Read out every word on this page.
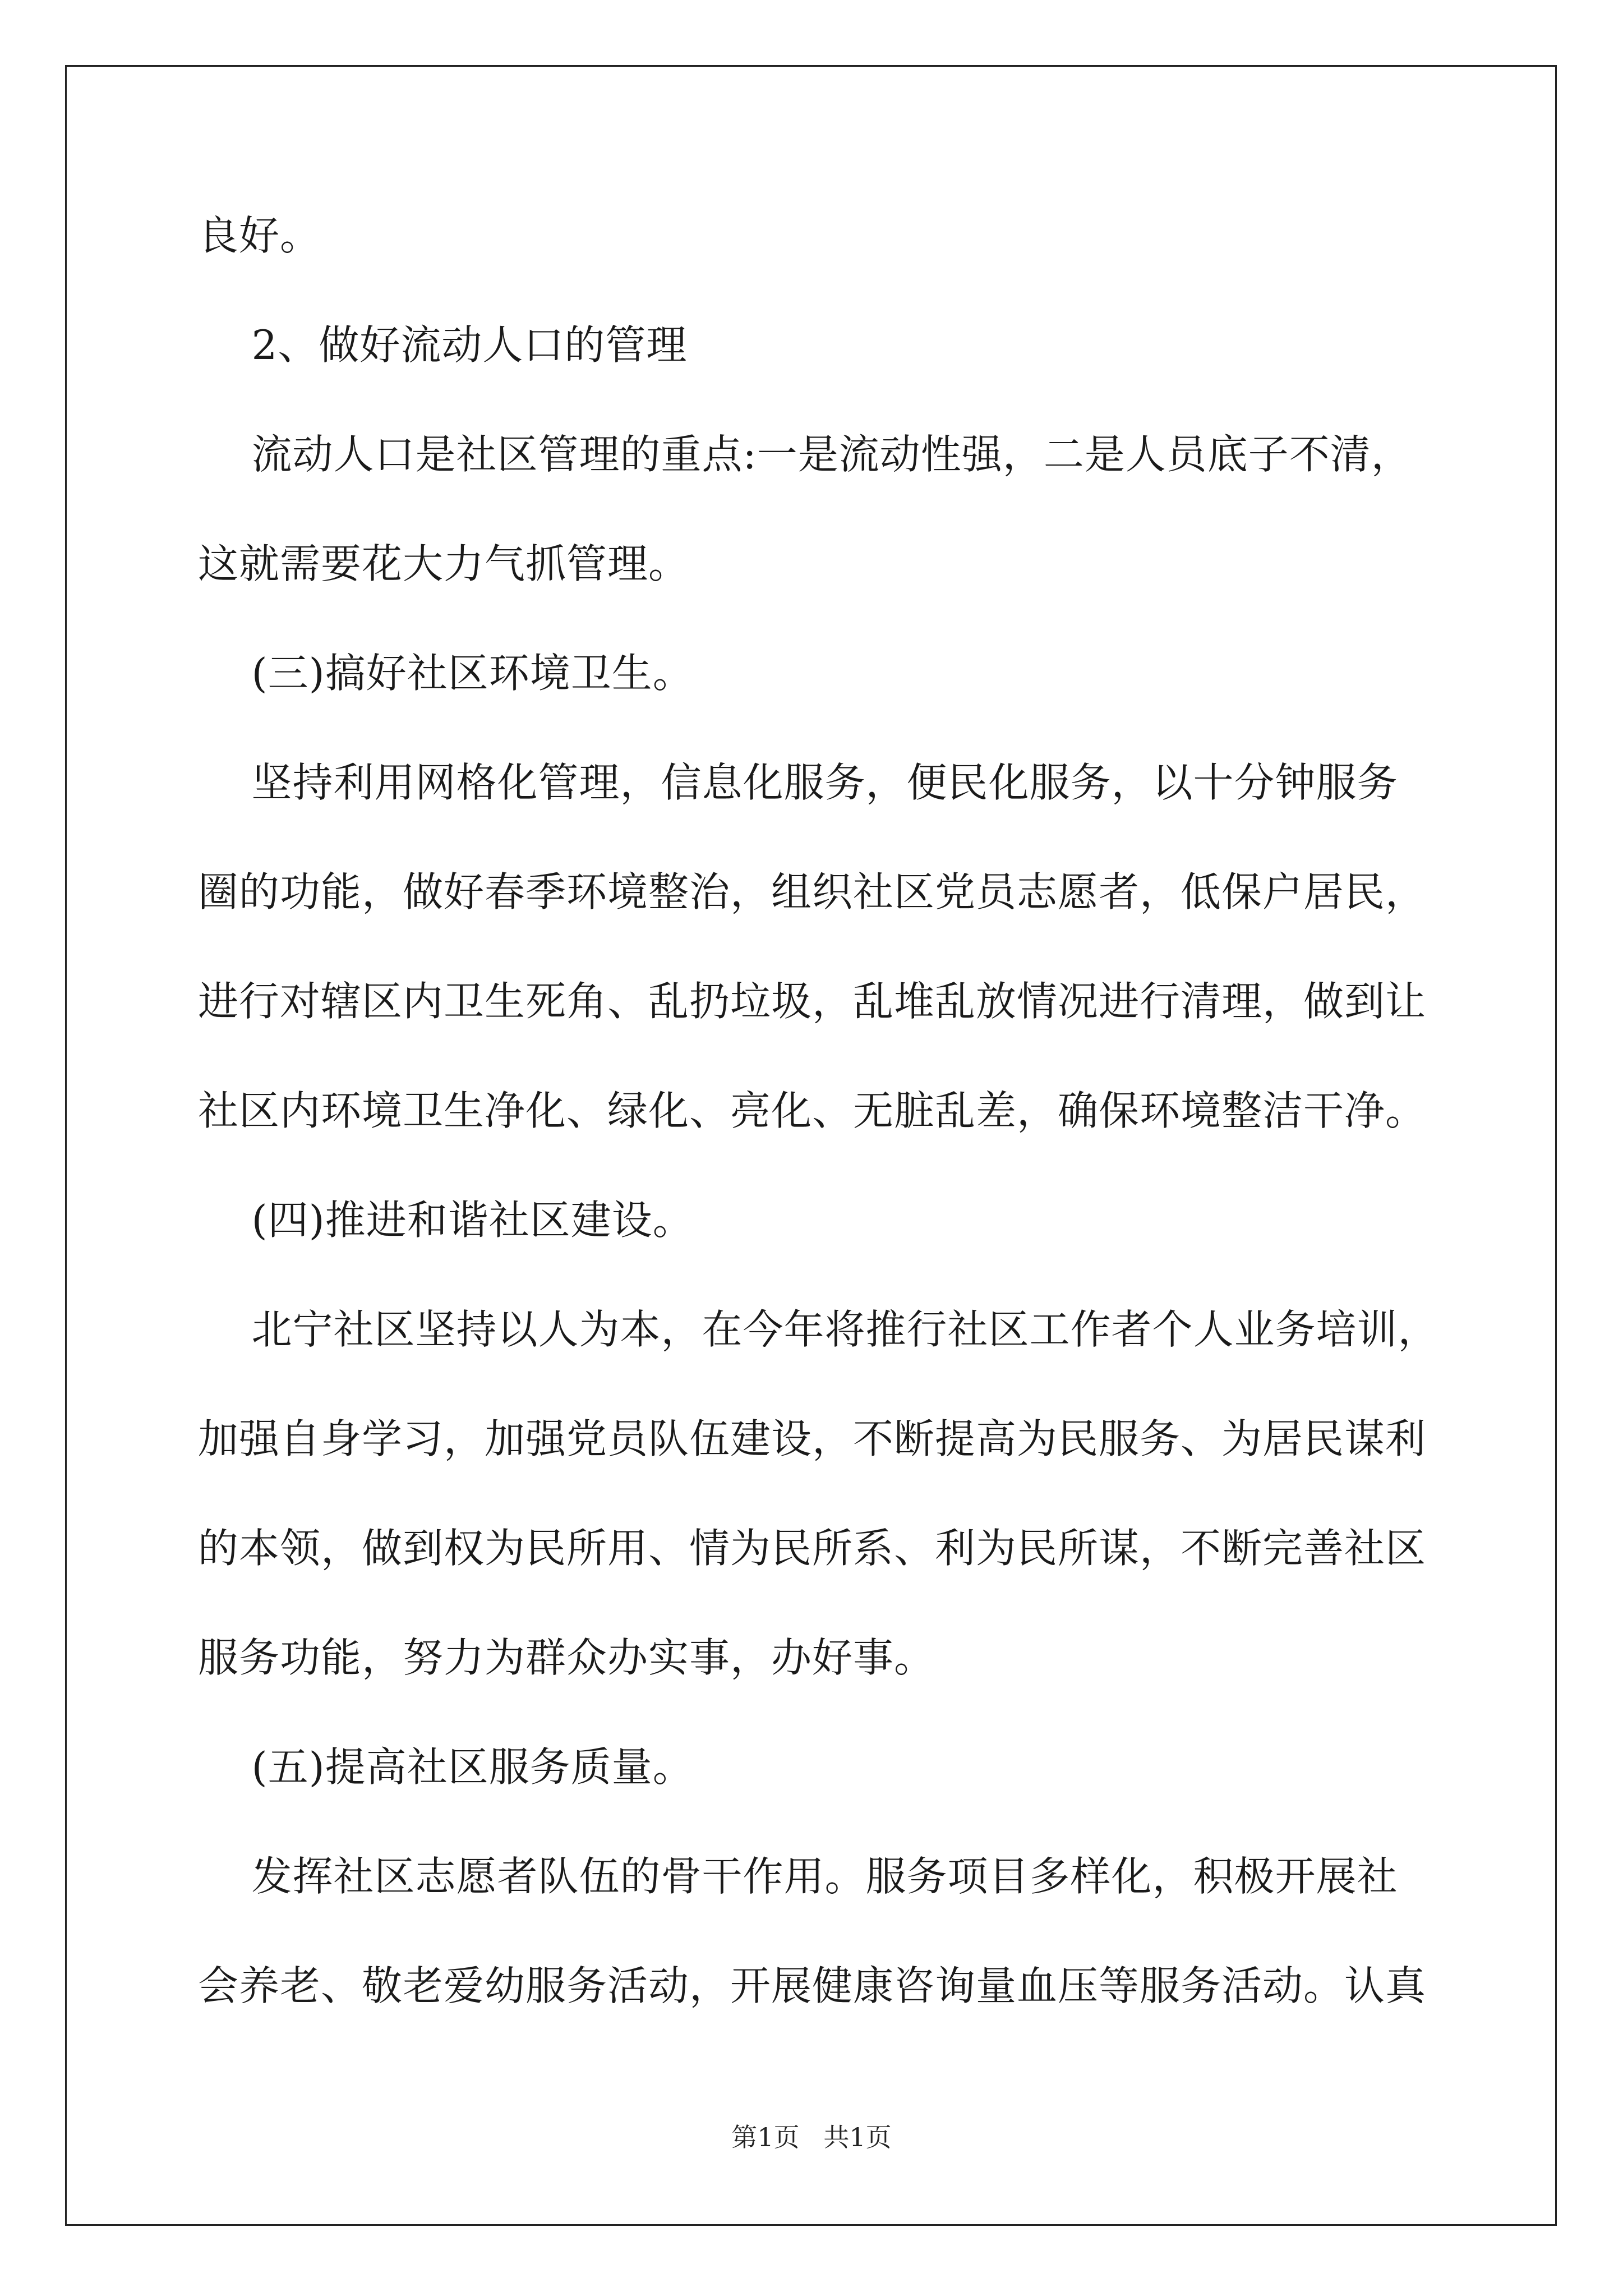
良好。
2、做好流动人口的管理
流动人口是社区管理的重点:一是流动性强，二是人员底子不清，
这就需要花大力气抓管理。
(三)搞好社区环境卫生。
坚持利用网格化管理，信息化服务，便民化服务，以十分钟服务
圈的功能，做好春季环境整治，组织社区党员志愿者，低保户居民，
进行对辖区内卫生死角、乱扔垃圾，乱堆乱放情况进行清理，做到让
社区内环境卫生净化、绿化、亮化、无脏乱差，确保环境整洁干净。
(四)推进和谐社区建设。
北宁社区坚持以人为本，在今年将推行社区工作者个人业务培训，
加强自身学习，加强党员队伍建设，不断提高为民服务、为居民谋利
的本领，做到权为民所用、情为民所系、利为民所谋，不断完善社区
服务功能，努力为群众办实事，办好事。
(五)提高社区服务质量。
发挥社区志愿者队伍的骨干作用。服务项目多样化，积极开展社
会养老、敬老爱幼服务活动，开展健康咨询量血压等服务活动。认真
第1页 共1页
